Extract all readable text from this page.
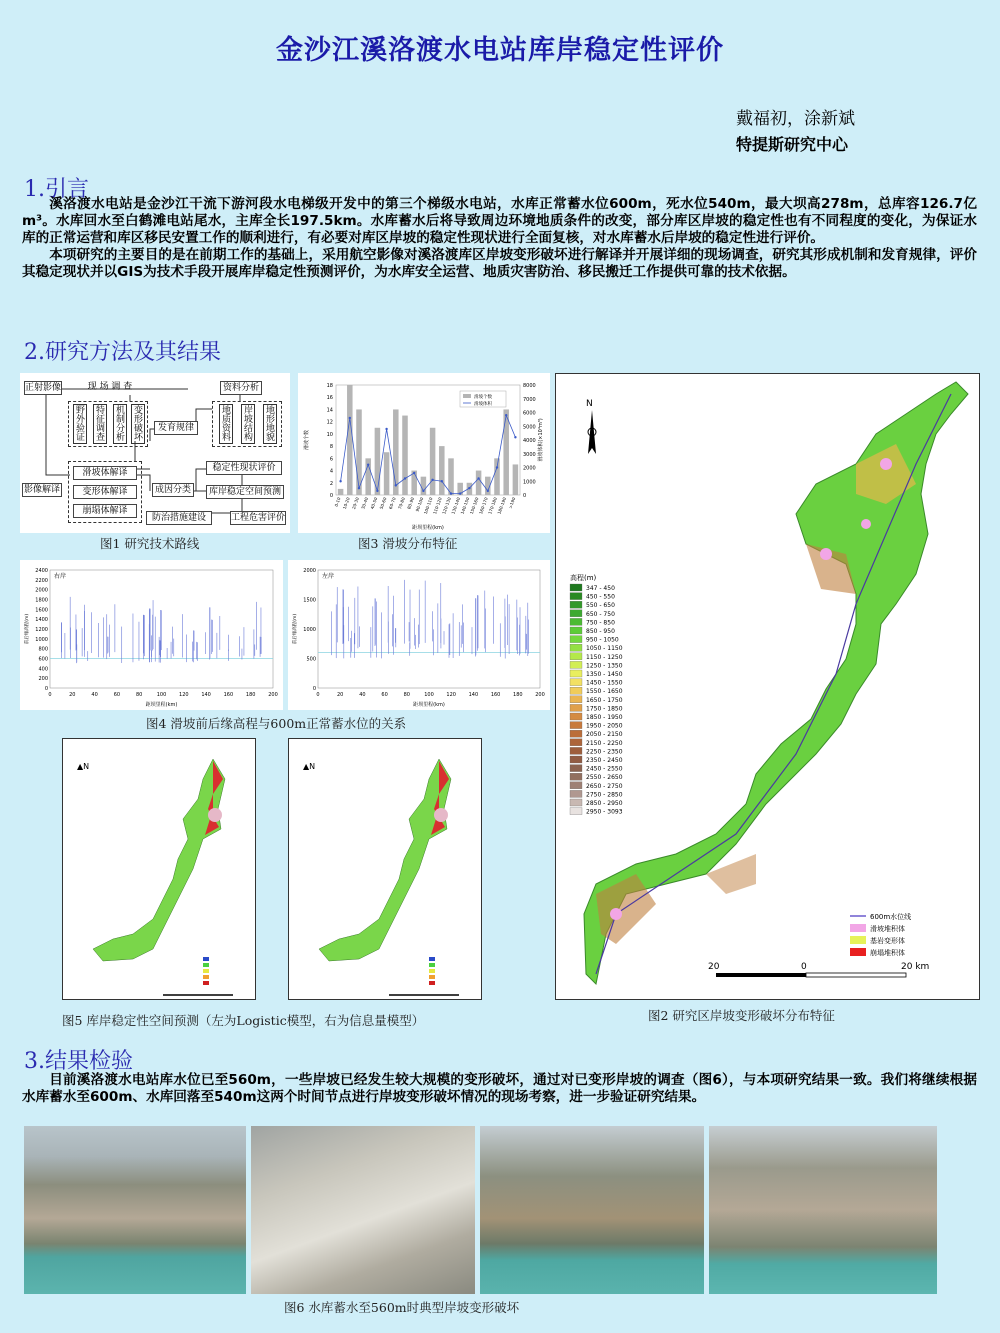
金沙江溪洛渡水电站库岸稳定性评价
戴福初，涂新斌
特提斯研究中心
1.引言

溪洛渡水电站是金沙江干流下游河段水电梯级开发中的第三个梯级水电站，水库正常蓄水位600m，死水位540m，最大坝高278m，总库容126.7亿m³。水库回水至白鹤滩电站尾水，主库全长197.5km。水库蓄水后将导致周边环境地质条件的改变，部分库区岸坡的稳定性也有不同程度的变化，为保证水库的正常运营和库区移民安置工作的顺利进行，有必要对库区岸坡的稳定性现状进行全面复核，对水库蓄水后岸坡的稳定性进行评价。

本项研究的主要目的是在前期工作的基础上，采用航空影像对溪洛渡库区岸坡变形破坏进行解译并开展详细的现场调查，研究其形成机制和发育规律，评价其稳定现状并以GIS为技术手段开展库岸稳定性预测评价，为水库安全运营、地质灾害防治、移民搬迁工作提供可靠的技术依据。

2.研究方法及其结果
正射影像	现 场 调 查	资料分析
影像解译
野外验证	特征调查	机制分析 变形破坏	地质资料	岸坡结构	地形地貌
滑坡体解译
变形体解译
崩塌体解译
发育规律
成因分类
稳定性现状评价
库岸稳定空间预测
防治措施建设	工程危害评价
图1 研究技术路线
0
2
4
6
8
10
12
14
16
18
0
1000
2000
3000
4000
5000
6000
7000
8000
0-10 10-20 20-30 30-40 40-50 50-60 60-70 70-80 80-90 90-100
100-110
110-120
120-130
130-140
140-150
150-160
160-170
170-180
180-190 >190
距坝里程(km)
滑坡个数	滑坡体积(×10⁴m³)
滑坡个数
滑坡体积
图3 滑坡分布特征
0
200
400
600
800
1000
1200
1400
1600
1800
2000
2200
2400
0	20	40	60	80	100	120	140	160	180	200
右岸
距坝里程(km)
前后缘高程(m)
0
500
1000
1500
2000
0	20	40	60	80	100	120	140	160	180	200
左岸
距坝里程(km)
前后缘高程(m)
图4 滑坡前后缘高程与600m正常蓄水位的关系
▲N	▲N
图5 库岸稳定性空间预测（左为Logistic模型，右为信息量模型）
N
高程(m)
347 - 450
450 - 550
550 - 650
650 - 750
750 - 850
850 - 950
950 - 1050
1050 - 1150
1150 - 1250
1250 - 1350
1350 - 1450
1450 - 1550
1550 - 1650
1650 - 1750
1750 - 1850
1850 - 1950
1950 - 2050
2050 - 2150
2150 - 2250
2250 - 2350
2350 - 2450
2450 - 2550
2550 - 2650
2650 - 2750
2750 - 2850
2850 - 2950
2950 - 3093
600m水位线
滑坡堆积体
基岩变形体
崩塌堆积体
20	0	20 km
图2 研究区岸坡变形破坏分布特征
3.结果检验

目前溪洛渡水电站库水位已至560m，一些岸坡已经发生较大规模的变形破坏，通过对已变形岸坡的调查（图6），与本项研究结果一致。我们将继续根据水库蓄水至600m、水库回落至540m这两个时间节点进行岸坡变形破坏情况的现场考察，进一步验证研究结果。

图6 水库蓄水至560m时典型岸坡变形破坏
